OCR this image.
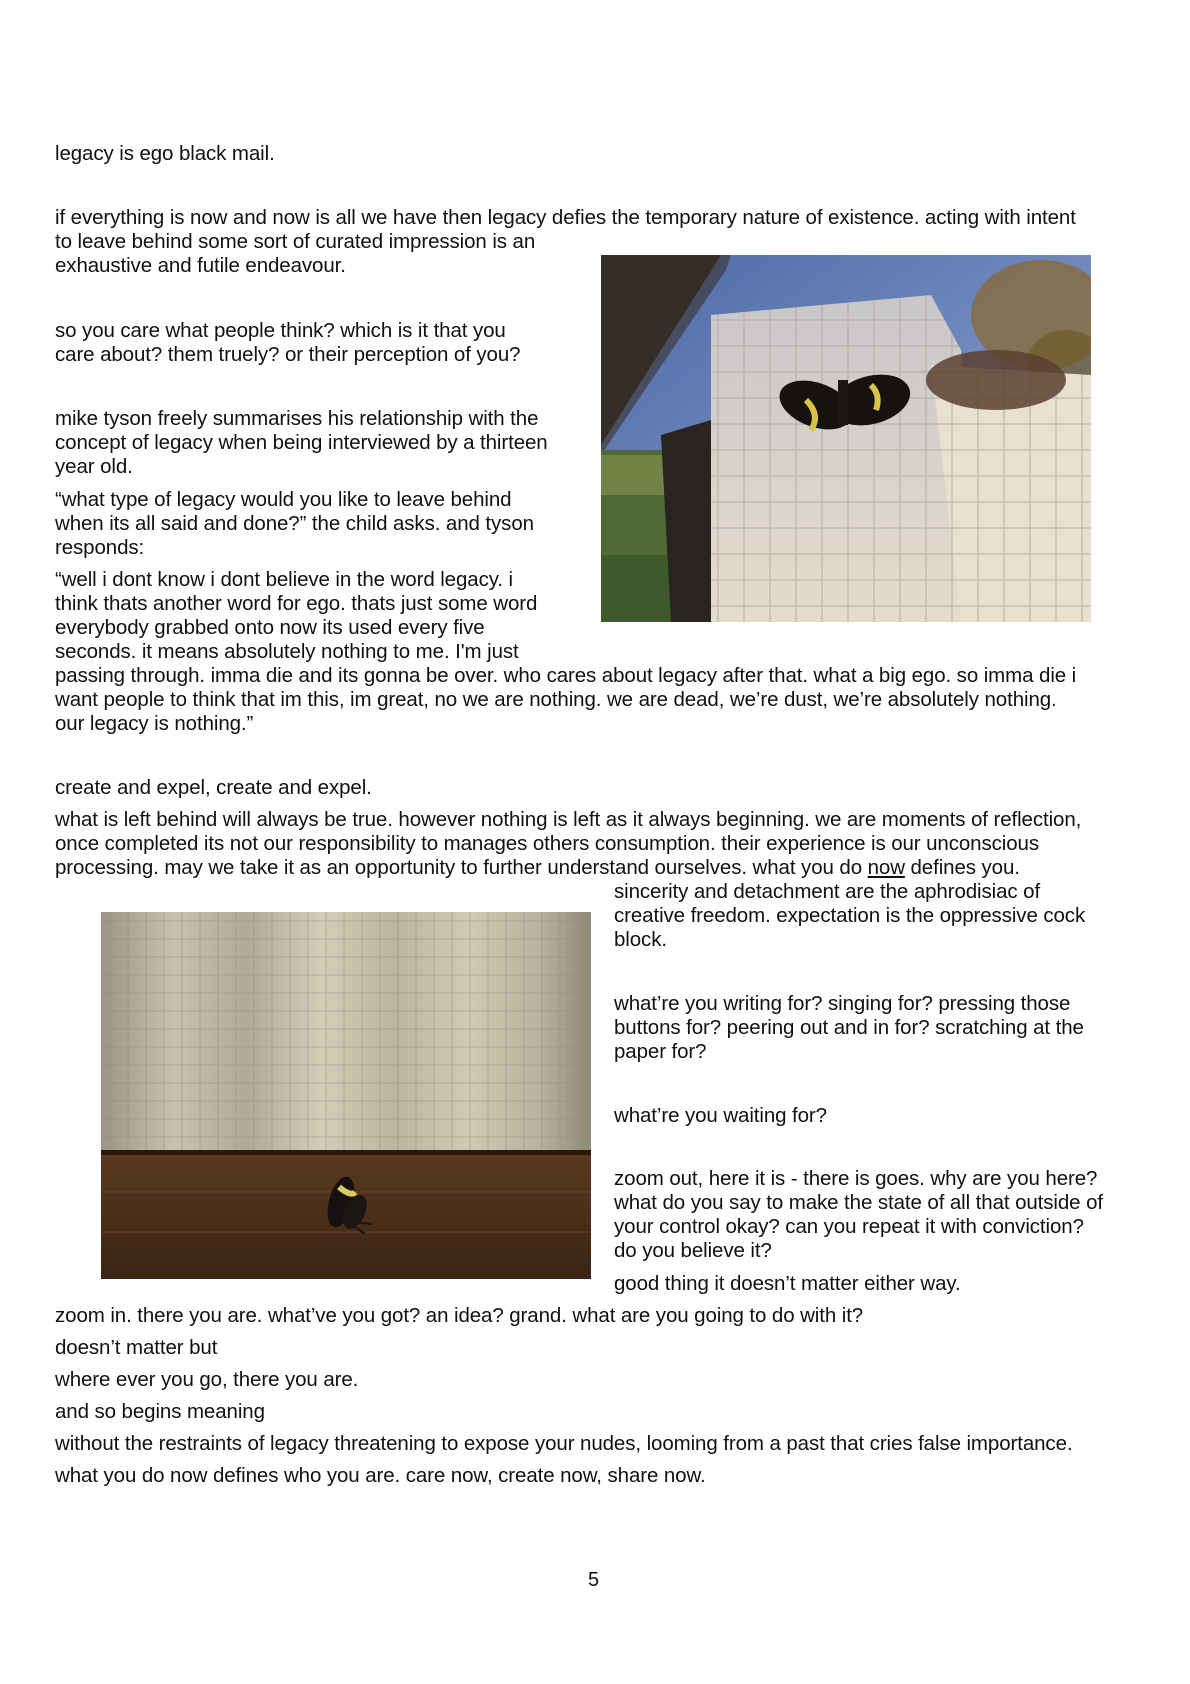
legacy is ego black mail.
if everything is now and now is all we have then legacy defies the temporary nature of existence. acting with intent
to leave behind some sort of curated impression is an
exhaustive and futile endeavour.
so you care what people think? which is it that you
care about? them truely? or their perception of you?
mike tyson freely summarises his relationship with the
concept of legacy when being interviewed by a thirteen
year old.
“what type of legacy would you like to leave behind
when its all said and done?” the child asks. and tyson
responds:
“well i dont know i dont believe in the word legacy. i
think thats another word for ego. thats just some word
everybody grabbed onto now its used every five
seconds. it means absolutely nothing to me. I'm just
passing through. imma die and its gonna be over. who cares about legacy after that. what a big ego. so imma die i
want people to think that im this, im great, no we are nothing. we are dead, we’re dust, we’re absolutely nothing.
our legacy is nothing.”
create and expel, create and expel.
what is left behind will always be true. however nothing is left as it always beginning. we are moments of reflection,
once completed its not our responsibility to manages others consumption. their experience is our unconscious
processing. may we take it as an opportunity to further understand ourselves. what you do now defines you.
sincerity and detachment are the aphrodisiac of
creative freedom. expectation is the oppressive cock
block.
what’re you writing for? singing for? pressing those
buttons for? peering out and in for? scratching at the
paper for?
what’re you waiting for?
zoom out, here it is - there is goes. why are you here?
what do you say to make the state of all that outside of
your control okay? can you repeat it with conviction?
do you believe it?
good thing it doesn’t matter either way.
zoom in. there you are. what’ve you got? an idea? grand. what are you going to do with it?
doesn’t matter but
where ever you go, there you are.
and so begins meaning
without the restraints of legacy threatening to expose your nudes, looming from a past that cries false importance.
what you do now defines who you are. care now, create now, share now.
5
